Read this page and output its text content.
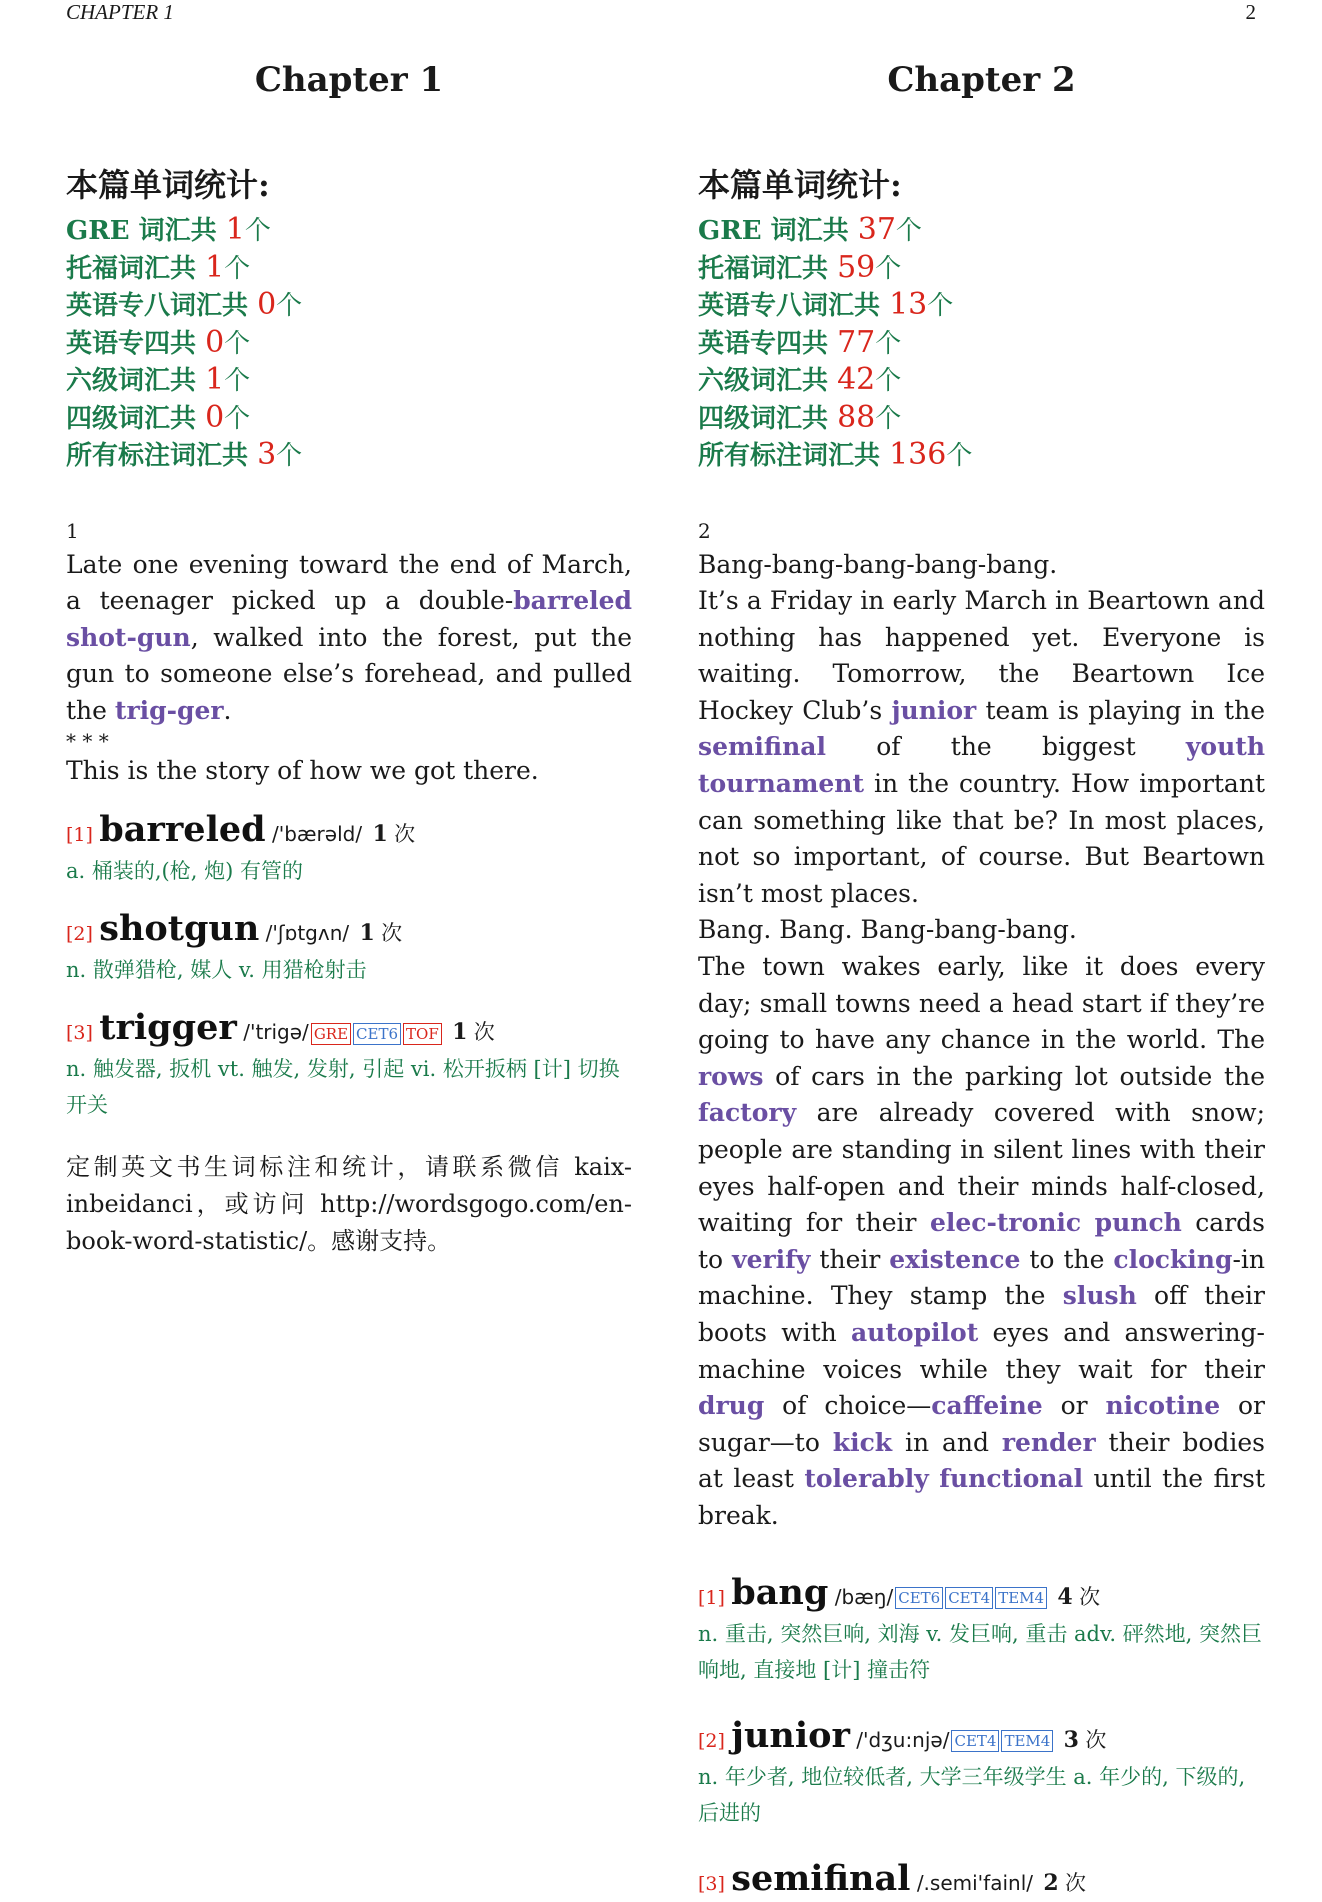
CHAPTER 1	2
Chapter 1
本篇单词统计:
GRE 词汇共 1个
托福词汇共 1个
英语专八词汇共 0个
英语专四共 0个
六级词汇共 1个
四级词汇共 0个
所有标注词汇共 3个
1

Late one evening toward the end of March, a teenager picked up a double-barreled shot-gun, walked into the forest, put the gun to someone else’s forehead, and pulled the trig-ger.

* * *

This is the story of how we got there.

[1] barreled /'bærəld/ 1 次
a. 桶装的,(枪, 炮) 有管的
[2] shotgun /'ʃɒtgʌn/ 1 次
n. 散弹猎枪, 媒人 v. 用猎枪射击
[3] trigger /'trigə/ GRE CET6 TOF 1 次
n. 触发器, 扳机 vt. 触发, 发射, 引起 vi. 松开扳柄 [计] 切换开关
定制英文书生词标注和统计，请联系微信 kaix-inbeidanci，或访问 http://wordsgogo.com/en-book-word-statistic/。感谢支持。
Chapter 2
本篇单词统计:
GRE 词汇共 37个
托福词汇共 59个
英语专八词汇共 13个
英语专四共 77个
六级词汇共 42个
四级词汇共 88个
所有标注词汇共 136个
2

Bang-bang-bang-bang-bang.

It’s a Friday in early March in Beartown and nothing has happened yet. Everyone is waiting. Tomorrow, the Beartown Ice Hockey Club’s junior team is playing in the semifinal of the biggest youth tournament in the country. How important can something like that be? In most places, not so important, of course. But Beartown isn’t most places.

Bang. Bang. Bang-bang-bang.

The town wakes early, like it does every day; small towns need a head start if they’re going to have any chance in the world. The rows of cars in the parking lot outside the factory are already covered with snow; people are standing in silent lines with their eyes half-open and their minds half-closed, waiting for their elec-tronic punch cards to verify their existence to the clocking-in machine. They stamp the slush off their boots with autopilot eyes and answering-machine voices while they wait for their drug of choice—caffeine or nicotine or sugar—to kick in and render their bodies at least tolerably functional until the first break.

[1] bang /bæŋ/ CET6 CET4 TEM4 4 次
n. 重击, 突然巨响, 刘海 v. 发巨响, 重击 adv. 砰然地, 突然巨响地, 直接地 [计] 撞击符
[2] junior /'dʒu:njə/ CET4 TEM4 3 次
n. 年少者, 地位较低者, 大学三年级学生 a. 年少的, 下级的, 后进的
[3] semifinal /.semi'fainl/ 2 次
